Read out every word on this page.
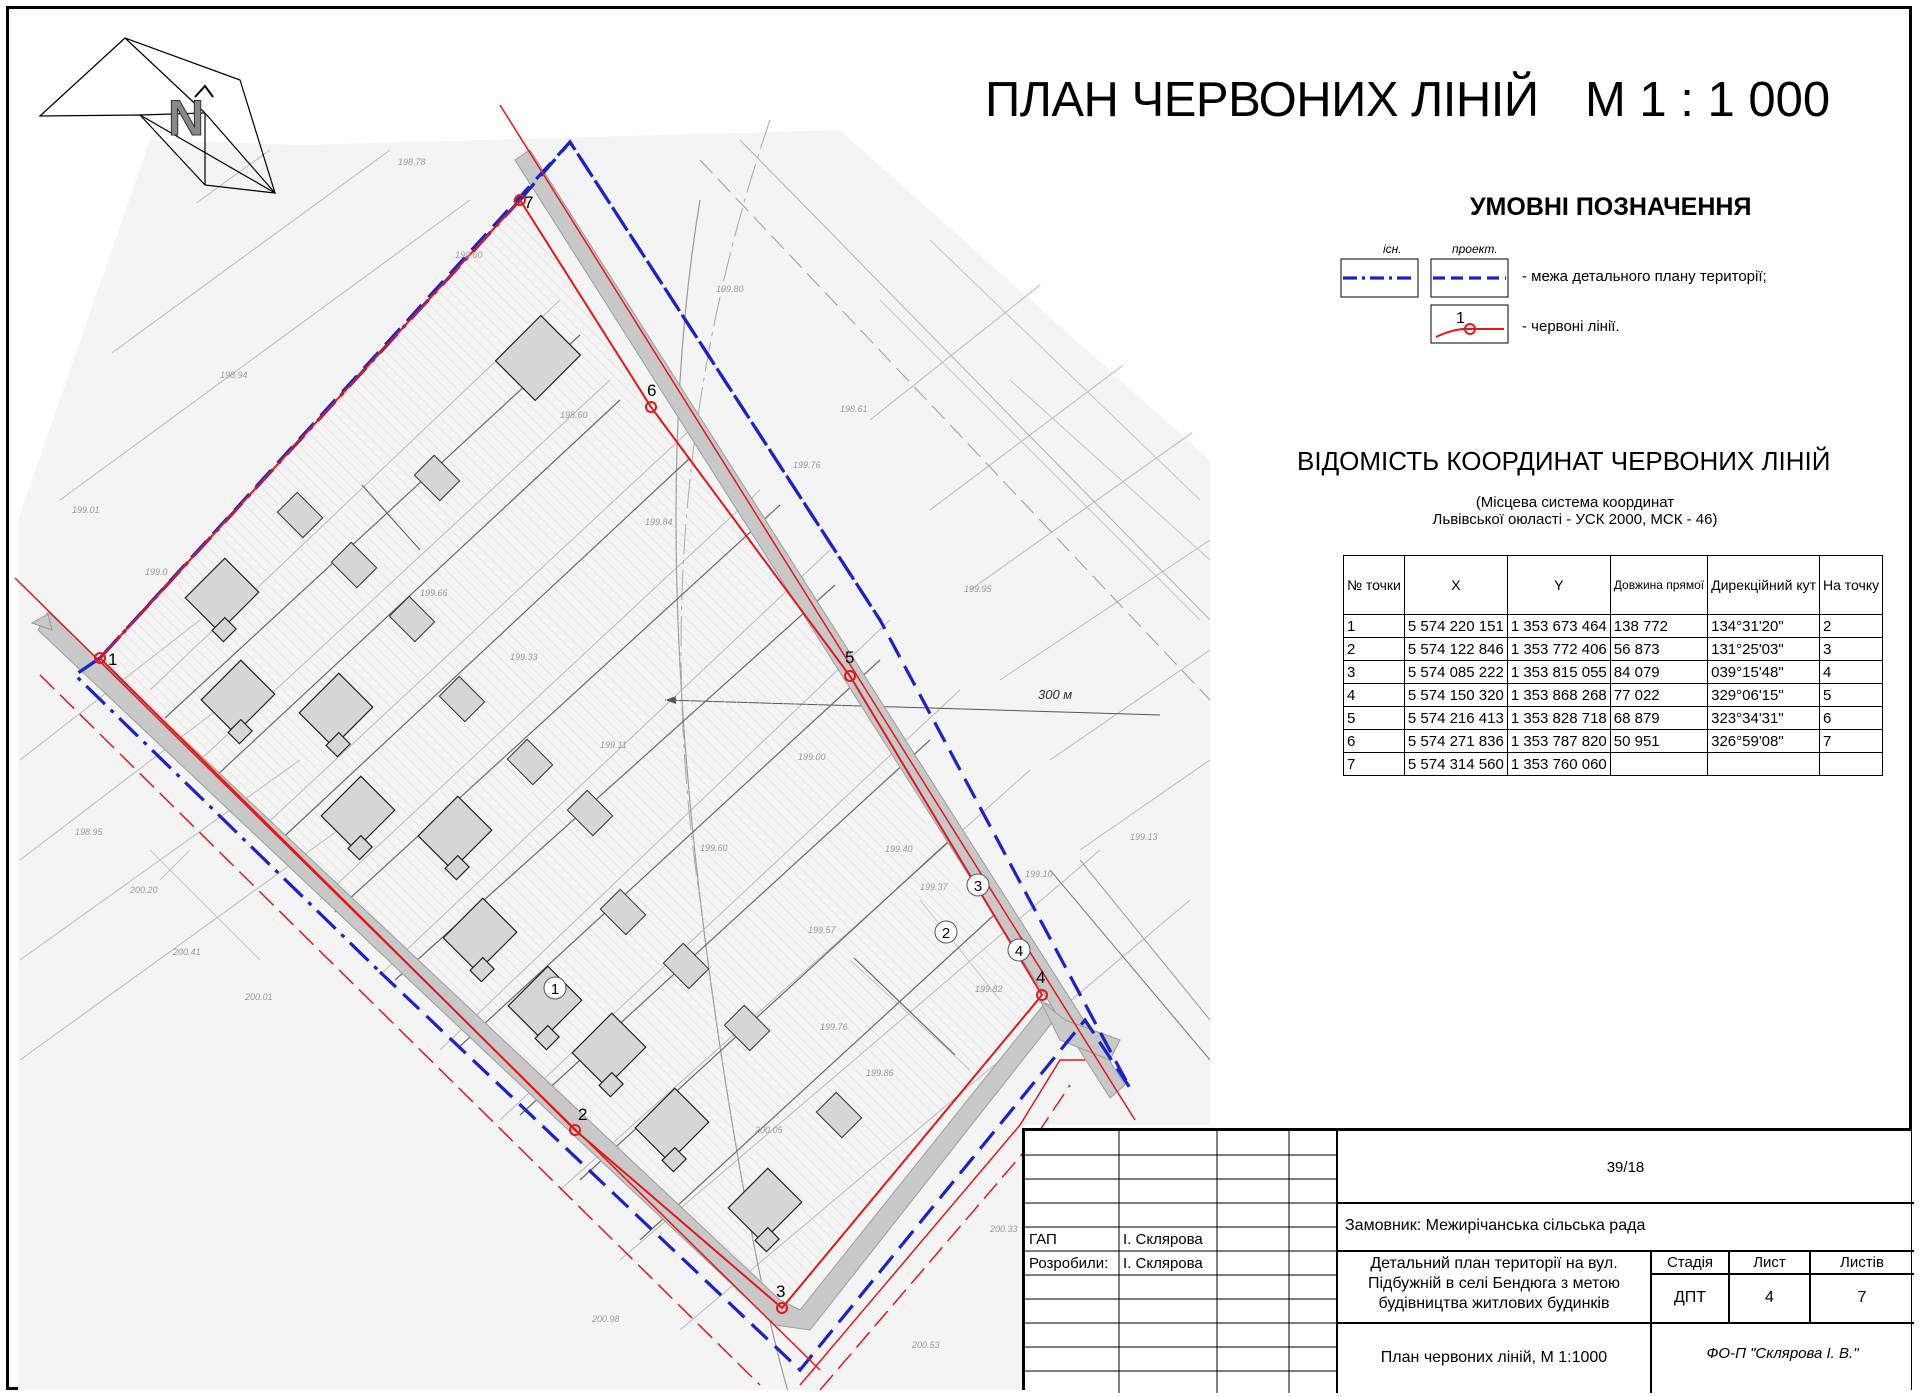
1
2
3
4
5
6
7
1
2
3
4
300 м
198.78
199.60
198.94
199.01
199.0
199.80
199.76
198.61
198.60
199.84
199.66
198.95
199.11
199.00
199.33
199.40
199.37
199.57
199.60
199.82
199.76
199.86
200.20
200.41
200.01
200.05
200.33
200.98
200.53
199.95
199.10
199.13
N	ПЛАН ЧЕРВОНИХ ЛІНІЙ М 1 : 1 000
УМОВНІ ПОЗНАЧЕННЯ
існ.	проект.
- межа детального плану території;
1	- червоні лінії.
ВІДОМІСТЬ КООРДИНАТ ЧЕРВОНИХ ЛІНІЙ
(Місцева система координат
Львівської оюласті - УСК 2000, МСК - 46)
№ точки	X	Y	Довжина прямої	Дирекційний кут	На точку
1	5 574 220 151	1 353 673 464	138 772	134°31'20"	2
2	5 574 122 846	1 353 772 406	56 873	131°25'03"	3
3	5 574 085 222	1 353 815 055	84 079	039°15'48"	4
4	5 574 150 320	1 353 868 268	77 022	329°06'15"	5
5	5 574 216 413	1 353 828 718	68 879	323°34'31"	6
6	5 574 271 836	1 353 787 820	50 951	326°59'08"	7
7	5 574 314 560	1 353 760 060			
39/18
Замовник: Межирічанська сільська рада
ГАП	І. Склярова
Розробили: І. Склярова	Детальний план території на вул.
Підбужній в селі Бендюга з метою
будівництва житлових будинків
Стадія	Лист	Листів
ДПТ	4	7
План червоних ліній, М 1:1000	ФО-П "Склярова І. В."
